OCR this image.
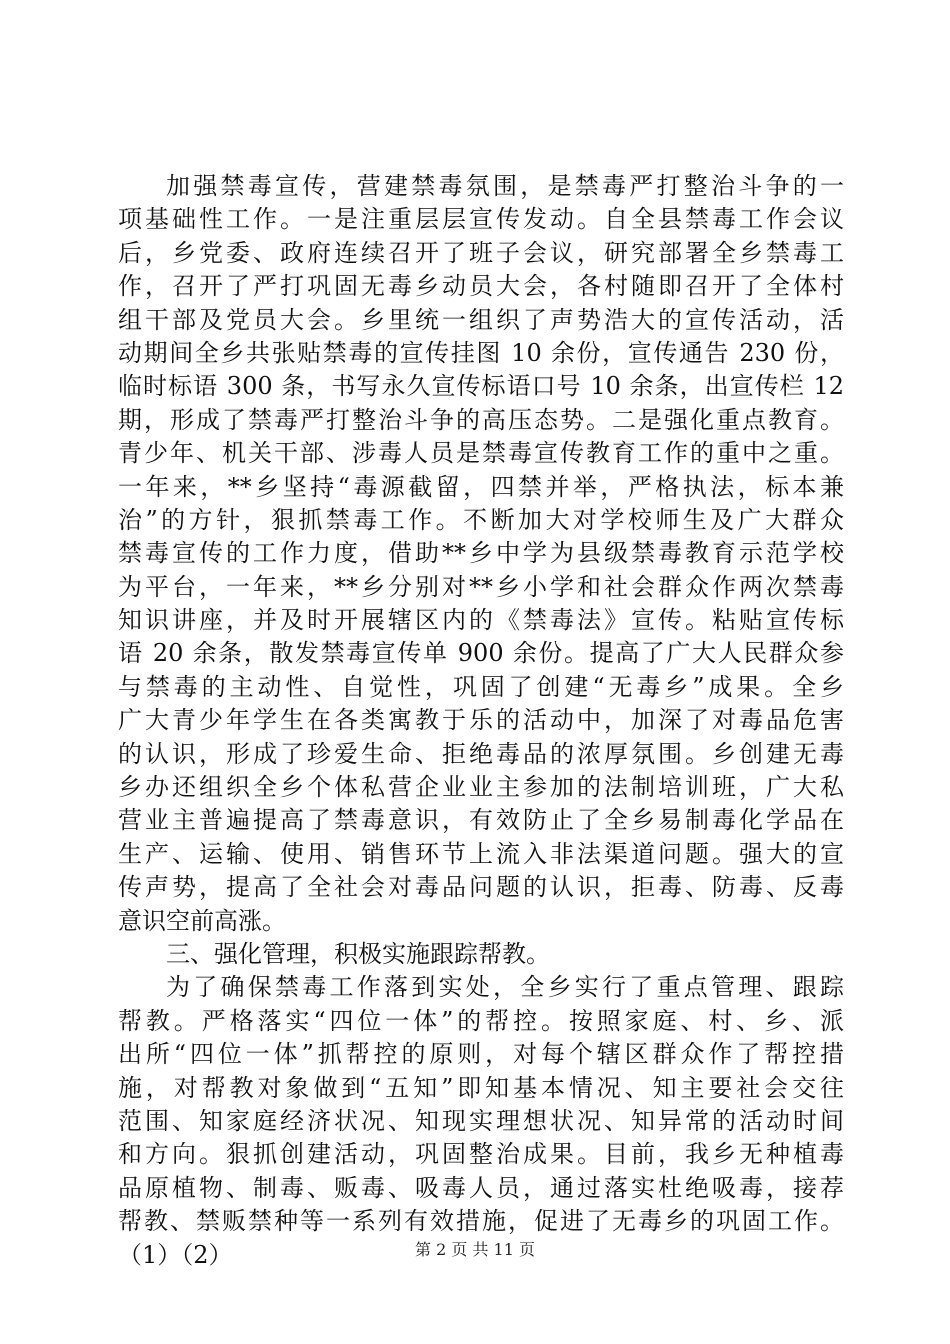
加强禁毒宣传，营建禁毒氛围，是禁毒严打整治斗争的一
项基础性工作。一是注重层层宣传发动。自全县禁毒工作会议
后，乡党委、政府连续召开了班子会议，研究部署全乡禁毒工
作，召开了严打巩固无毒乡动员大会，各村随即召开了全体村
组干部及党员大会。乡里统一组织了声势浩大的宣传活动，活
动期间全乡共张贴禁毒的宣传挂图 10 余份，宣传通告 230 份，
临时标语 300 条，书写永久宣传标语口号 10 余条，出宣传栏 12
期，形成了禁毒严打整治斗争的高压态势。二是强化重点教育。
青少年、机关干部、涉毒人员是禁毒宣传教育工作的重中之重。
一年来，**乡坚持“毒源截留，四禁并举，严格执法，标本兼
治”的方针，狠抓禁毒工作。不断加大对学校师生及广大群众
禁毒宣传的工作力度，借助**乡中学为县级禁毒教育示范学校
为平台，一年来，**乡分别对**乡小学和社会群众作两次禁毒
知识讲座，并及时开展辖区内的《禁毒法》宣传。粘贴宣传标
语 20 余条，散发禁毒宣传单 900 余份。提高了广大人民群众参
与禁毒的主动性、自觉性，巩固了创建“无毒乡”成果。全乡
广大青少年学生在各类寓教于乐的活动中，加深了对毒品危害
的认识，形成了珍爱生命、拒绝毒品的浓厚氛围。乡创建无毒
乡办还组织全乡个体私营企业业主参加的法制培训班，广大私
营业主普遍提高了禁毒意识，有效防止了全乡易制毒化学品在
生产、运输、使用、销售环节上流入非法渠道问题。强大的宣
传声势，提高了全社会对毒品问题的认识，拒毒、防毒、反毒
意识空前高涨。
三、强化管理，积极实施跟踪帮教。
为了确保禁毒工作落到实处，全乡实行了重点管理、跟踪
帮教。严格落实“四位一体”的帮控。按照家庭、村、乡、派
出所“四位一体”抓帮控的原则，对每个辖区群众作了帮控措
施，对帮教对象做到“五知”即知基本情况、知主要社会交往
范围、知家庭经济状况、知现实理想状况、知异常的活动时间
和方向。狠抓创建活动，巩固整治成果。目前，我乡无种植毒
品原植物、制毒、贩毒、吸毒人员，通过落实杜绝吸毒，接荐
帮教、禁贩禁种等一系列有效措施，促进了无毒乡的巩固工作。
（1）（2）	第 2 页 共 11 页
